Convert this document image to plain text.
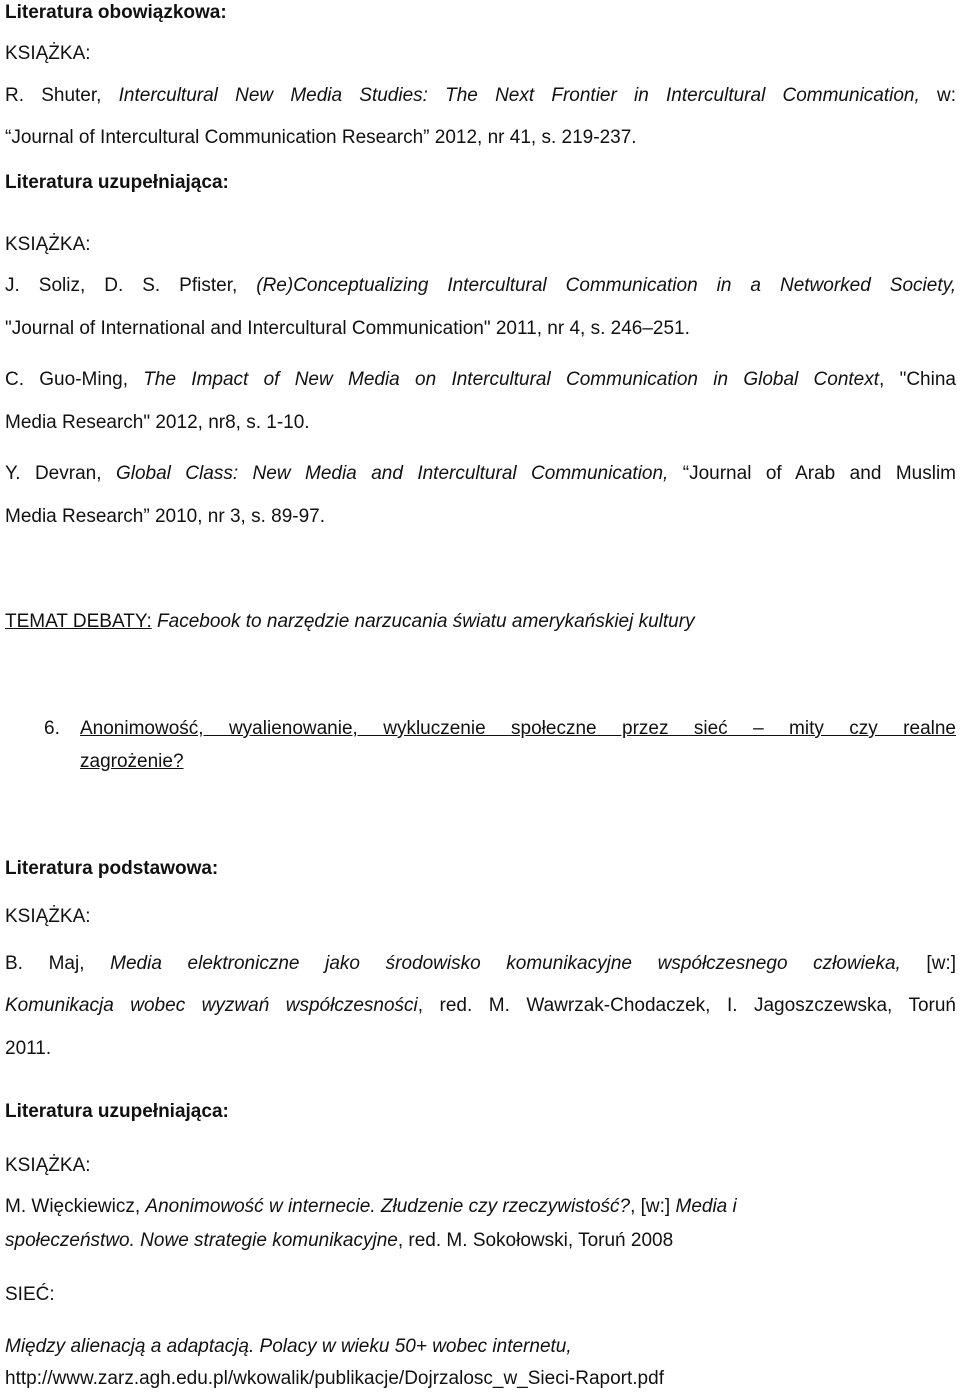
Literatura obowiązkowa:
KSIĄŻKA:
R. Shuter, Intercultural New Media Studies: The Next Frontier in Intercultural Communication, w:
“Journal of Intercultural Communication Research” 2012, nr 41, s. 219-237.
Literatura uzupełniająca:
KSIĄŻKA:
J. Soliz, D. S. Pfister, (Re)Conceptualizing Intercultural Communication in a Networked Society,
"Journal of International and Intercultural Communication" 2011, nr 4, s. 246–251.
C. Guo-Ming, The Impact of New Media on Intercultural Communication in Global Context, "China
Media Research" 2012, nr8, s. 1-10.
Y. Devran, Global Class: New Media and Intercultural Communication, “Journal of Arab and Muslim
Media Research” 2010, nr 3, s. 89-97.
TEMAT DEBATY: Facebook to narzędzie narzucania światu amerykańskiej kultury
6. Anonimowość, wyalienowanie, wykluczenie społeczne przez sieć – mity czy realne
zagrożenie?
Literatura podstawowa:
KSIĄŻKA:
B. Maj, Media elektroniczne jako środowisko komunikacyjne współczesnego człowieka, [w:]
Komunikacja wobec wyzwań współczesności, red. M. Wawrzak-Chodaczek, I. Jagoszczewska, Toruń
2011.
Literatura uzupełniająca:
KSIĄŻKA:
M. Więckiewicz, Anonimowość w internecie. Złudzenie czy rzeczywistość?, [w:] Media i
społeczeństwo. Nowe strategie komunikacyjne, red. M. Sokołowski, Toruń 2008
SIEĆ:
Między alienacją a adaptacją. Polacy w wieku 50+ wobec internetu,
http://www.zarz.agh.edu.pl/wkowalik/publikacje/Dojrzalosc_w_Sieci-Raport.pdf
